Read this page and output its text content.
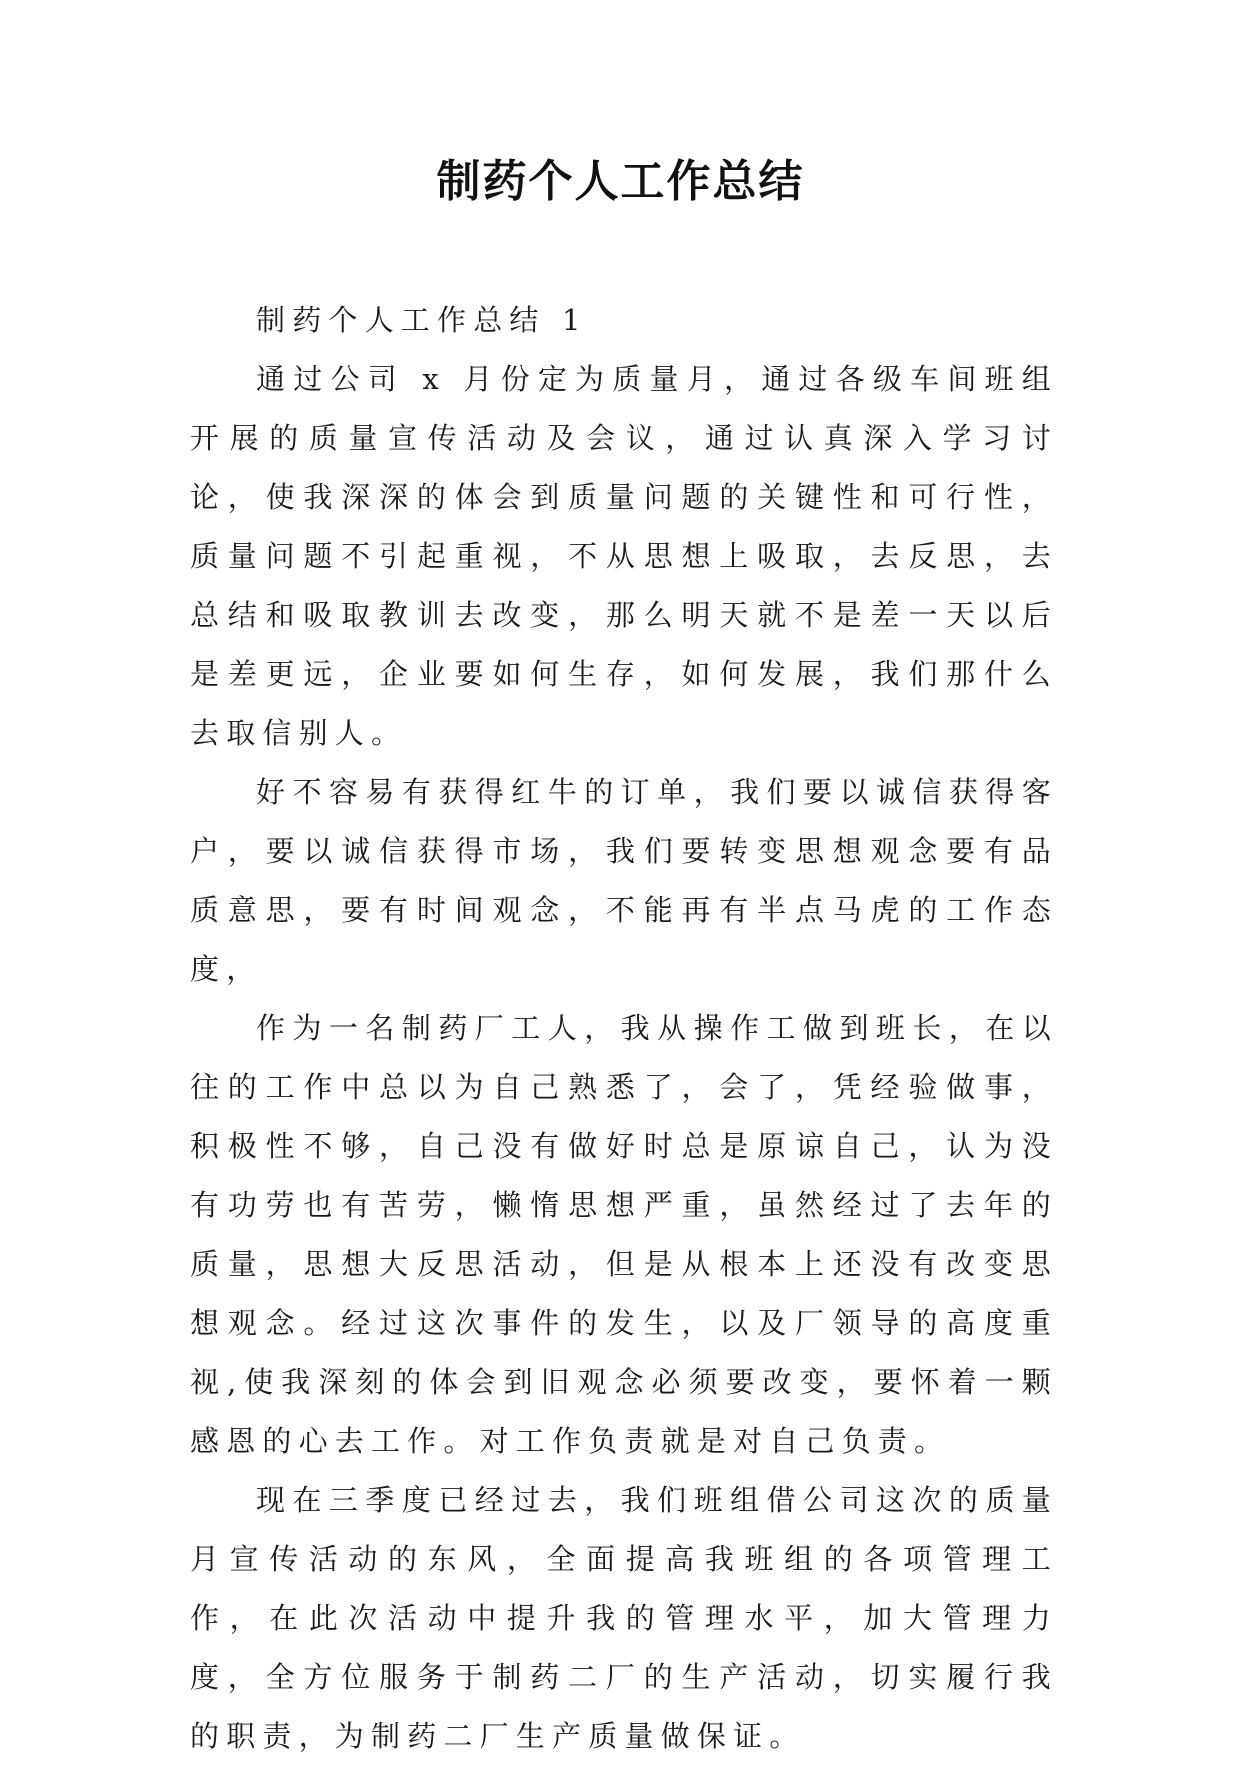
制药个人工作总结
制药个人工作总结 1

通过公司 x 月份定为质量月，通过各级车间班组开展的质量宣传活动及会议，通过认真深入学习讨论，使我深深的体会到质量问题的关键性和可行性，质量问题不引起重视，不从思想上吸取，去反思，去总结和吸取教训去改变，那么明天就不是差一天以后是差更远，企业要如何生存，如何发展，我们那什么去取信别人。

好不容易有获得红牛的订单，我们要以诚信获得客户，要以诚信获得市场，我们要转变思想观念要有品质意思，要有时间观念，不能再有半点马虎的工作态度，

作为一名制药厂工人，我从操作工做到班长，在以往的工作中总以为自己熟悉了，会了，凭经验做事，积极性不够，自己没有做好时总是原谅自己，认为没有功劳也有苦劳，懒惰思想严重，虽然经过了去年的质量，思想大反思活动，但是从根本上还没有改变思想观念。经过这次事件的发生，以及厂领导的高度重视,使我深刻的体会到旧观念必须要改变，要怀着一颗感恩的心去工作。对工作负责就是对自己负责。

现在三季度已经过去，我们班组借公司这次的质量月宣传活动的东风，全面提高我班组的各项管理工作，在此次活动中提升我的管理水平，加大管理力度，全方位服务于制药二厂的生产活动，切实履行我的职责，为制药二厂生产质量做保证。
